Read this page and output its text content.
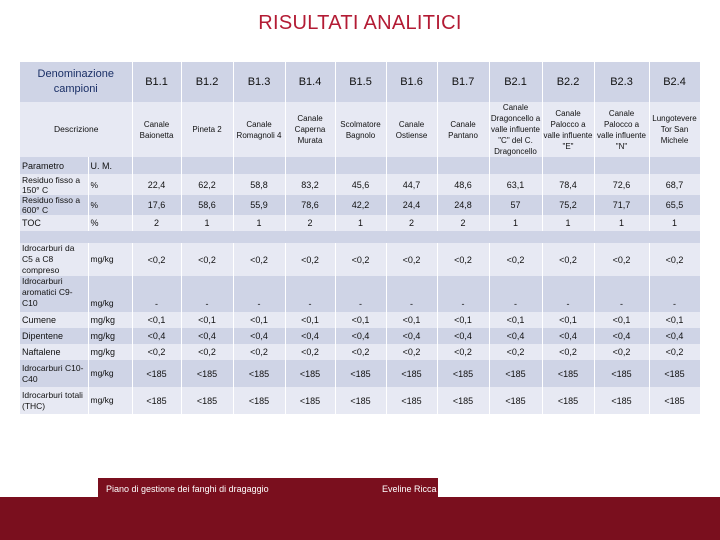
RISULTATI ANALITICI
Denominazione campioni		B1.1	B1.2	B1.3	B1.4	B1.5	B1.6	B1.7	B2.1	B2.2	B2.3	B2.4
Descrizione		Canale Baionetta	Pineta 2	Canale Romagnoli 4	Canale Caperna Murata	Scolmatore Bagnolo	Canale Ostiense	Canale Pantano	Canale Dragoncello a valle influente "C" del C. Dragoncello	Canale Palocco a valle influente "E"	Canale Palocco a valle influente "N"	Lungotevere Tor San Michele
Parametro	U. M.											
Residuo fisso a 150° C	%	22,4	62,2	58,8	83,2	45,6	44,7	48,6	63,1	78,4	72,6	68,7
Residuo fisso a 600° C	%	17,6	58,6	55,9	78,6	42,2	24,4	24,8	57	75,2	71,7	65,5
TOC	%	2	1	1	2	1	2	2	1	1	1	1

Idrocarburi da C5 a C8 compreso	mg/kg	<0,2	<0,2	<0,2	<0,2	<0,2	<0,2	<0,2	<0,2	<0,2	<0,2	<0,2
Idrocarburi aromatici C9-C10	mg/kg	-	-	-	-	-	-	-	-	-	-	-
Cumene	mg/kg	<0,1	<0,1	<0,1	<0,1	<0,1	<0,1	<0,1	<0,1	<0,1	<0,1	<0,1
Dipentene	mg/kg	<0,4	<0,4	<0,4	<0,4	<0,4	<0,4	<0,4	<0,4	<0,4	<0,4	<0,4
Naftalene	mg/kg	<0,2	<0,2	<0,2	<0,2	<0,2	<0,2	<0,2	<0,2	<0,2	<0,2	<0,2
Idrocarburi C10-C40	mg/kg	<185	<185	<185	<185	<185	<185	<185	<185	<185	<185	<185
Idrocarburi totali (THC)	mg/kg	<185	<185	<185	<185	<185	<185	<185	<185	<185	<185	<185
Piano di gestione dei fanghi di dragaggio	Eveline Ricca
